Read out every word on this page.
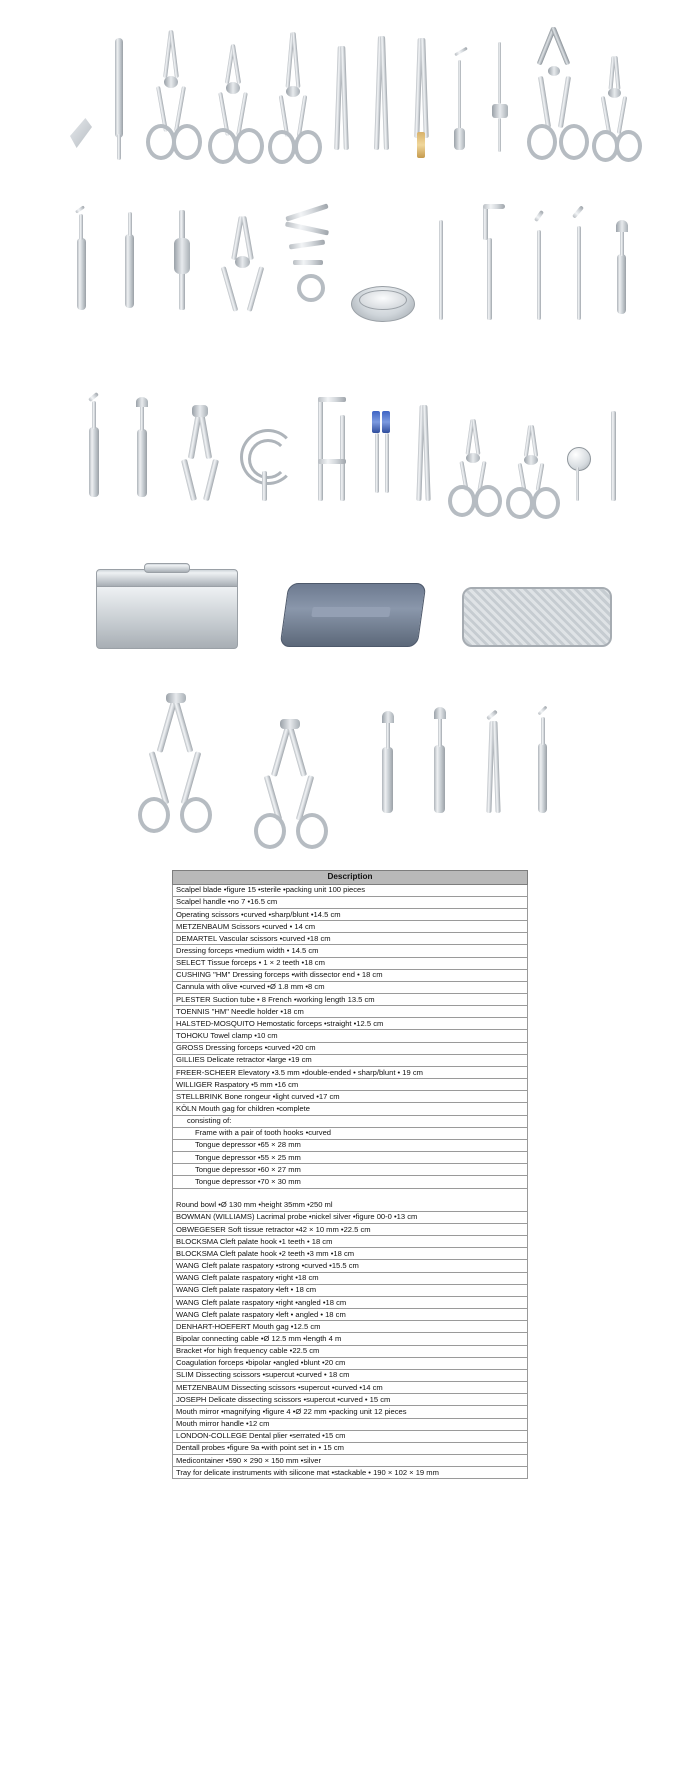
Description
Scalpel blade •figure 15 •sterile •packing unit 100 pieces
Scalpel handle •no 7 •16.5 cm
Operating scissors •curved •sharp/blunt •14.5 cm
METZENBAUM Scissors •curved • 14 cm
DEMARTEL Vascular scissors •curved •18 cm
Dressing forceps •medium width • 14.5 cm
SELECT Tissue forceps • 1 × 2 teeth •18 cm
CUSHING "HM" Dressing forceps •with dissector end • 18 cm
Cannula with olive •curved •Ø 1.8 mm •8 cm
PLESTER Suction tube • 8 French •working length 13.5 cm
TOENNIS "HM" Needle holder •18 cm
HALSTED-MOSQUITO Hemostatic forceps •straight •12.5 cm
TOHOKU Towel clamp •10 cm
GROSS Dressing forceps •curved •20 cm
GILLIES Delicate retractor •large •19 cm
FREER-SCHEER Elevatory •3.5 mm •double-ended • sharp/blunt • 19 cm
WILLIGER Raspatory •5 mm •16 cm
STELLBRINK Bone rongeur •light curved •17 cm
KÖLN Mouth gag for children •complete
consisting of:
Frame with a pair of tooth hooks •curved
Tongue depressor •65 × 28 mm
Tongue depressor •55 × 25 mm
Tongue depressor •60 × 27 mm
Tongue depressor •70 × 30 mm

Round bowl •Ø 130 mm •height 35mm •250 ml
BOWMAN (WILLIAMS) Lacrimal probe •nickel silver •figure 00-0 •13 cm
OBWEGESER Soft tissue retractor •42 × 10 mm •22.5 cm
BLOCKSMA Cleft palate hook •1 teeth • 18 cm
BLOCKSMA Cleft palate hook •2 teeth •3 mm •18 cm
WANG Cleft palate raspatory •strong •curved •15.5 cm
WANG Cleft palate raspatory •right •18 cm
WANG Cleft palate raspatory •left • 18 cm
WANG Cleft palate raspatory •right •angled •18 cm
WANG Cleft palate raspatory •left • angled • 18 cm
DENHART-HOEFERT Mouth gag •12.5 cm
Bipolar connecting cable •Ø 12.5 mm •length 4 m
Bracket •for high frequency cable •22.5 cm
Coagulation forceps •bipolar •angled •blunt •20 cm
SLIM Dissecting scissors •supercut •curved • 18 cm
METZENBAUM Dissecting scissors •supercut •curved •14 cm
JOSEPH Delicate dissecting scissors •supercut •curved • 15 cm
Mouth mirror •magnifying •figure 4 •Ø 22 mm •packing unit 12 pieces
Mouth mirror handle •12 cm
LONDON-COLLEGE Dental plier •serrated •15 cm
Dentall probes •figure 9a •with point set in • 15 cm
Medicontainer •590 × 290 × 150 mm •silver
Tray for delicate instruments with silicone mat •stackable • 190 × 102 × 19 mm
